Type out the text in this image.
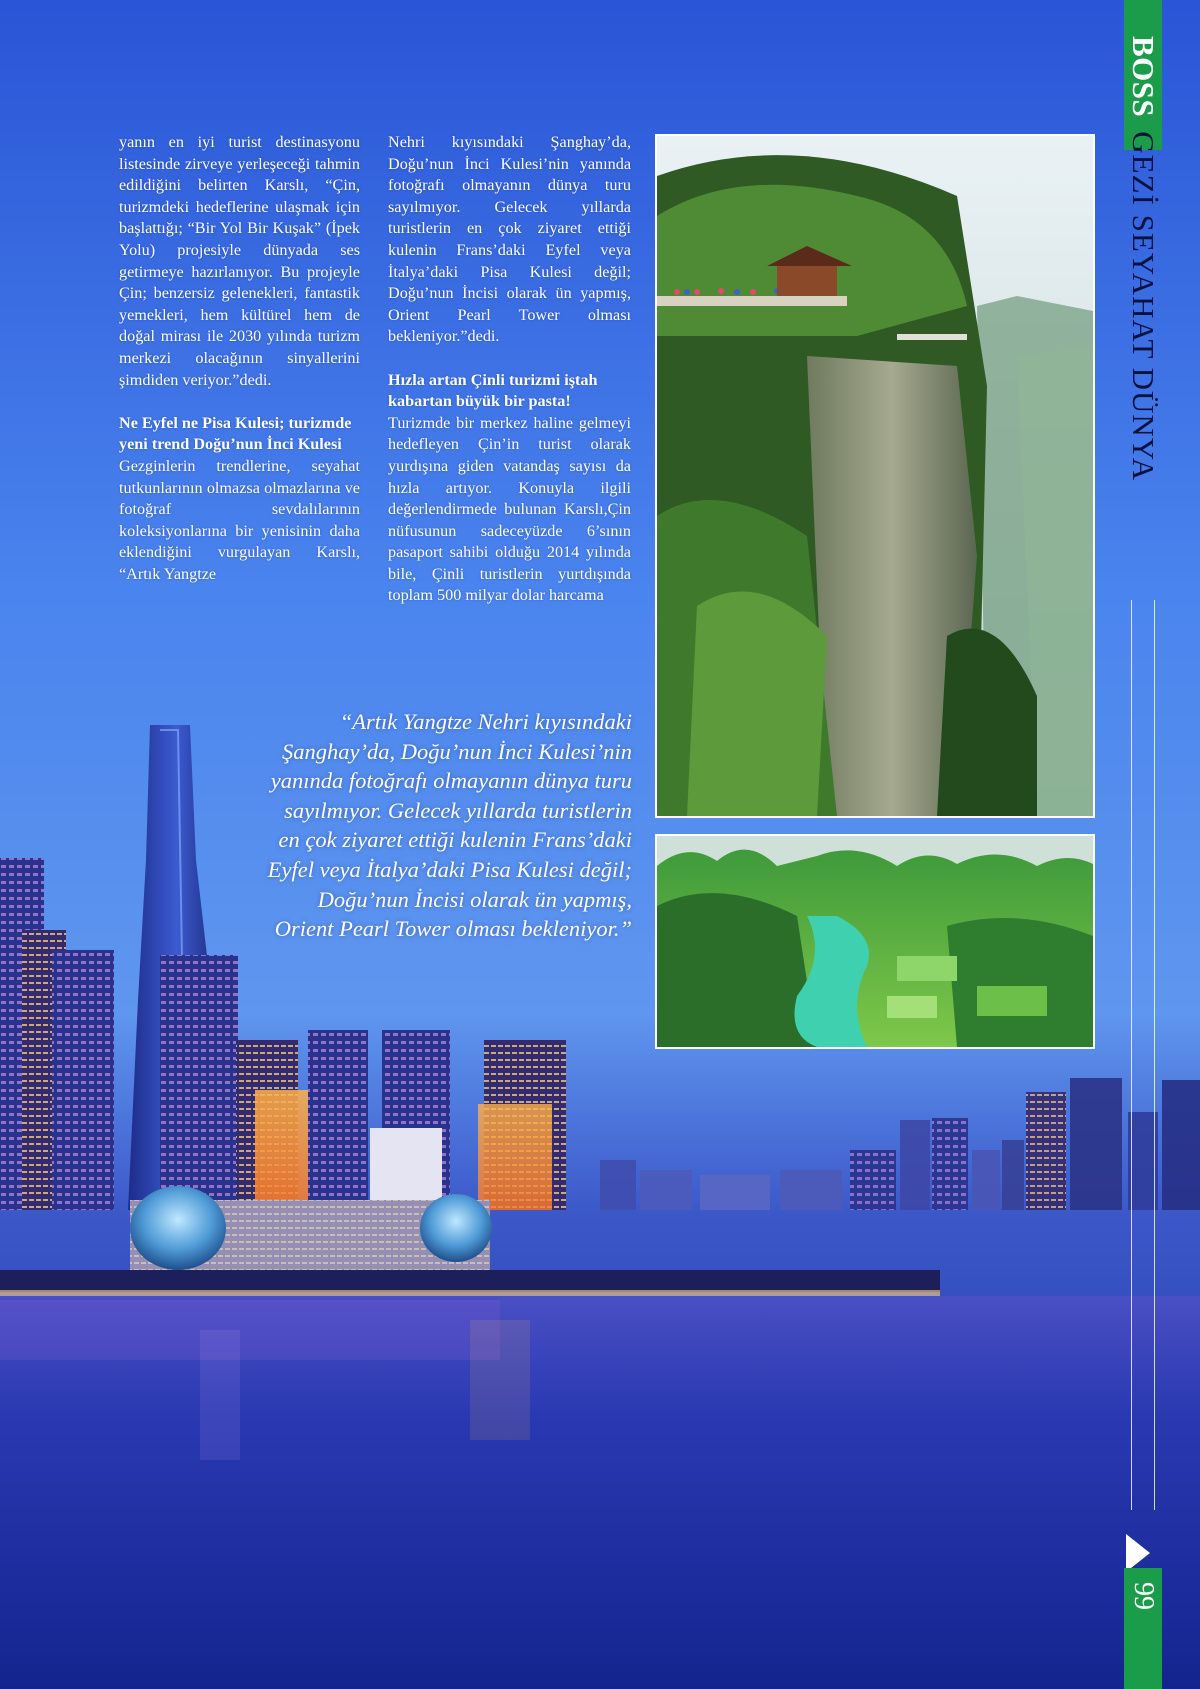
yanın en iyi turist destinasyonu listesinde zirveye yerleşeceği tahmin edildiğini belirten Karslı, “Çin, turizmdeki hedeflerine ulaşmak için başlattığı; “Bir Yol Bir Kuşak” (İpek Yolu) projesiyle dünyada ses getirmeye hazırlanıyor. Bu projeyle Çin; benzersiz gelenekleri, fantastik yemekleri, hem kültürel hem de doğal mirası ile 2030 yılında turizm merkezi olacağının sinyallerini şimdiden veriyor.”dedi.

Ne Eyfel ne Pisa Kulesi; turizmde yeni trend Doğu’nun İnci Kulesi

Gezginlerin trendlerine, seyahat tutkunlarının olmazsa olmazlarına ve fotoğraf sevdalılarının koleksiyonlarına bir yenisinin daha eklendiğini vurgulayan Karslı, “Artık Yangtze

Nehri kıyısındaki Şanghay’da, Doğu’nun İnci Kulesi’nin yanında fotoğrafı olmayanın dünya turu sayılmıyor. Gelecek yıllarda turistlerin en çok ziyaret ettiği kulenin Frans’daki Eyfel veya İtalya’daki Pisa Kulesi değil; Doğu’nun İncisi olarak ün yapmış, Orient Pearl Tower olması bekleniyor.”dedi.

Hızla artan Çinli turizmi iştah kabartan büyük bir pasta!

Turizmde bir merkez haline gelmeyi hedefleyen Çin’in turist olarak yurdışına giden vatandaş sayısı da hızla artıyor. Konuyla ilgili değerlendirmede bulunan Karslı,Çin nüfusunun sadeceyüzde 6’sının pasaport sahibi olduğu 2014 yılında bile, Çinli turistlerin yurtdışında toplam 500 milyar dolar harcama

“Artık Yangtze Nehri kıyısındaki Şanghay’da, Doğu’nun İnci Kulesi’nin yanında fotoğrafı olmayanın dünya turu sayılmıyor. Gelecek yıllarda turistlerin en çok ziyaret ettiği kulenin Frans’daki Eyfel veya İtalya’daki Pisa Kulesi değil; Doğu’nun İncisi olarak ün yapmış, Orient Pearl Tower olması bekleniyor.”
BOSSGEZİ SEYAHAT DÜNYA
99
